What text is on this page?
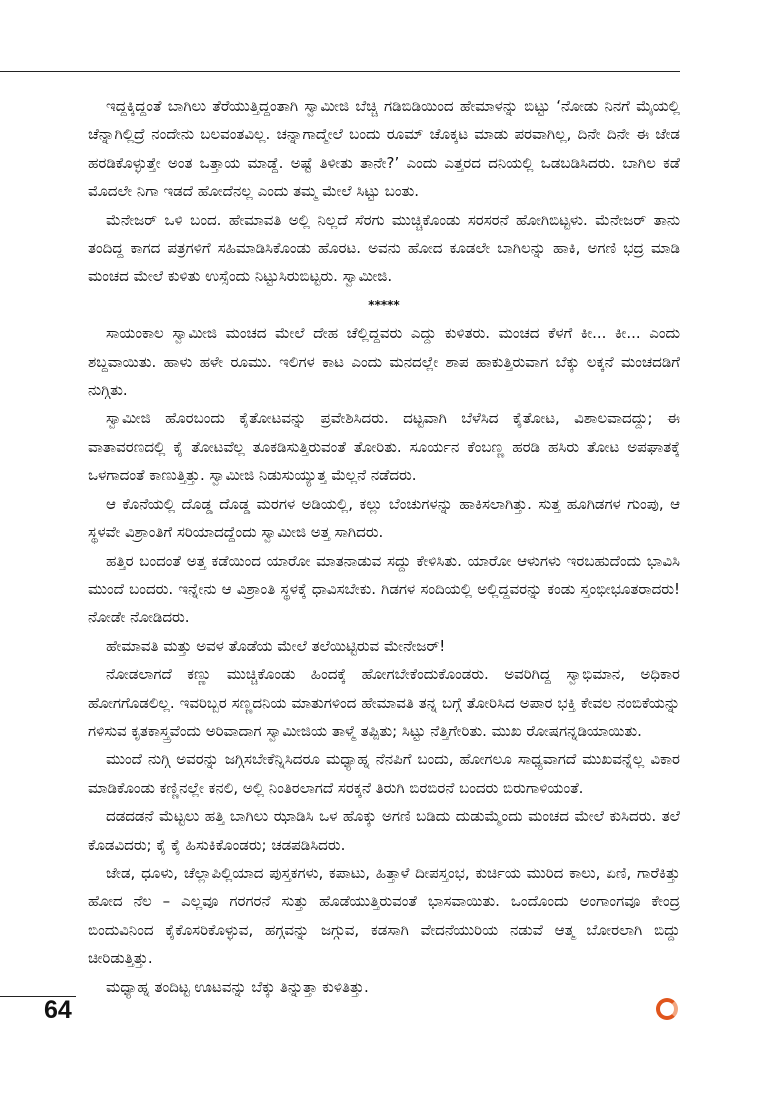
ಇದ್ದಕ್ಕಿದ್ದಂತೆ ಬಾಗಿಲು ತೆರೆಯುತ್ತಿದ್ದಂತಾಗಿ ಸ್ವಾಮೀಜಿ ಬೆಚ್ಚಿ ಗಡಿಬಿಡಿಯಿಂದ ಹೇಮಾಳನ್ನು ಬಿಟ್ಟು ‘ನೋಡು ನಿನಗೆ ಮೈಯಲ್ಲಿ ಚೆನ್ನಾಗಿಲ್ಲಿದ್ರೆ ನಂದೇನು ಬಲವಂತವಿಲ್ಲ. ಚನ್ನಾಗಾದ್ಮೇಲೆ ಬಂದು ರೂಮ್ ಚೊಕ್ಕಟ ಮಾಡು ಪರವಾಗಿಲ್ಲ, ದಿನೇ ದಿನೇ ಈ ಜೇಡ ಹರಡಿಕೊಳ್ಳುತ್ತೇ ಅಂತ ಒತ್ತಾಯ ಮಾಡ್ದೆ. ಅಷ್ಟೆ ತಿಳೀತು ತಾನೇ?’ ಎಂದು ಎತ್ತರದ ದನಿಯಲ್ಲಿ ಒಡಬಡಿಸಿದರು. ಬಾಗಿಲ ಕಡೆ ಮೊದಲೇ ನಿಗಾ ಇಡದೆ ಹೋದೆನಲ್ಲ ಎಂದು ತಮ್ಮ ಮೇಲೆ ಸಿಟ್ಟು ಬಂತು.

ಮೆನೇಜರ್ ಒಳಿ ಬಂದ. ಹೇಮಾವತಿ ಅಲ್ಲಿ ನಿಲ್ಲದೆ ಸೆರಗು ಮುಚ್ಚಿಕೊಂಡು ಸರಸರನೆ ಹೋಗಿಬಿಟ್ಟಳು. ಮೆನೇಜರ್ ತಾನು ತಂದಿದ್ದ ಕಾಗದ ಪತ್ರಗಳಿಗೆ ಸಹಿಮಾಡಿಸಿಕೊಂಡು ಹೊರಟ. ಅವನು ಹೋದ ಕೂಡಲೇ ಬಾಗಿಲನ್ನು ಹಾಕಿ, ಅಗಣಿ ಭದ್ರ ಮಾಡಿ ಮಂಚದ ಮೇಲೆ ಕುಳಿತು ಉಸ್ಸೆಂದು ನಿಟ್ಟುಸಿರುಬಿಟ್ಟರು. ಸ್ವಾಮೀಜಿ.

*****

ಸಾಯಂಕಾಲ ಸ್ವಾಮೀಜಿ ಮಂಚದ ಮೇಲೆ ದೇಹ ಚೆಲ್ಲಿದ್ದವರು ಎದ್ದು ಕುಳಿತರು. ಮಂಚದ ಕೆಳಗೆ ಕೀ... ಕೀ... ಎಂದು ಶಬ್ದವಾಯಿತು. ಹಾಳು ಹಳೇ ರೂಮು. ಇಲಿಗಳ ಕಾಟ ಎಂದು ಮನದಲ್ಲೇ ಶಾಪ ಹಾಕುತ್ತಿರುವಾಗ ಬೆಕ್ಕು ಲಕ್ಕನೆ ಮಂಚದಡಿಗೆ ನುಗ್ಗಿತು.

ಸ್ವಾಮೀಜಿ ಹೊರಬಂದು ಕೈತೋಟವನ್ನು ಪ್ರವೇಶಿಸಿದರು. ದಟ್ಟವಾಗಿ ಬೆಳೆಸಿದ ಕೈತೋಟ, ವಿಶಾಲವಾದದ್ದು; ಈ ವಾತಾವರಣದಲ್ಲಿ ಕೈ ತೋಟವೆಲ್ಲ ತೂಕಡಿಸುತ್ತಿರುವಂತೆ ತೋರಿತು. ಸೂರ್ಯನ ಕೆಂಬಣ್ಣ ಹರಡಿ ಹಸಿರು ತೋಟ ಅಪಘಾತಕ್ಕೆ ಒಳಗಾದಂತೆ ಕಾಣುತ್ತಿತ್ತು. ಸ್ವಾಮೀಜಿ ನಿಡುಸುಯ್ಯುತ್ತ ಮೆಲ್ಲನೆ ನಡೆದರು.

ಆ ಕೊನೆಯಲ್ಲಿ ದೊಡ್ಡ ದೊಡ್ಡ ಮರಗಳ ಅಡಿಯಲ್ಲಿ, ಕಲ್ಲು ಬೆಂಚುಗಳನ್ನು ಹಾಕಿಸಲಾಗಿತ್ತು. ಸುತ್ತ ಹೂಗಿಡಗಳ ಗುಂಪು, ಆ ಸ್ಥಳವೇ ವಿಶ್ರಾಂತಿಗೆ ಸರಿಯಾದದ್ದೆಂದು ಸ್ವಾಮೀಜಿ ಅತ್ತ ಸಾಗಿದರು.

ಹತ್ತಿರ ಬಂದಂತೆ ಅತ್ತ ಕಡೆಯಿಂದ ಯಾರೋ ಮಾತನಾಡುವ ಸದ್ದು ಕೇಳಿಸಿತು. ಯಾರೋ ಆಳುಗಳು ಇರಬಹುದೆಂದು ಭಾವಿಸಿ ಮುಂದೆ ಬಂದರು. ಇನ್ನೇನು ಆ ವಿಶ್ರಾಂತಿ ಸ್ಥಳಕ್ಕೆ ಧಾವಿಸಬೇಕು. ಗಿಡಗಳ ಸಂದಿಯಲ್ಲಿ ಅಲ್ಲಿದ್ದವರನ್ನು ಕಂಡು ಸ್ತಂಭೀಭೂತರಾದರು! ನೋಡೇ ನೋಡಿದರು.

ಹೇಮಾವತಿ ಮತ್ತು ಅವಳ ತೊಡೆಯ ಮೇಲೆ ತಲೆಯಿಟ್ಟಿರುವ ಮೇನೇಜರ್!

ನೋಡಲಾಗದೆ ಕಣ್ಣು ಮುಚ್ಚಿಕೊಂಡು ಹಿಂದಕ್ಕೆ ಹೋಗಬೇಕೆಂದುಕೊಂಡರು. ಅವರಿಗಿದ್ದ ಸ್ವಾಭಿಮಾನ, ಅಧಿಕಾರ ಹೋಗಗೊಡಲಿಲ್ಲ. ಇವರಿಬ್ಬರ ಸಣ್ಣದನಿಯ ಮಾತುಗಳಿಂದ ಹೇಮಾವತಿ ತನ್ನ ಬಗ್ಗೆ ತೋರಿಸಿದ ಅಪಾರ ಭಕ್ತಿ ಕೇವಲ ನಂಬಿಕೆಯನ್ನು ಗಳಿಸುವ ಕೃತಕಾಸ್ತ್ರವೆಂದು ಅರಿವಾದಾಗ ಸ್ವಾಮೀಜಿಯ ತಾಳ್ಮೆ ತಪ್ಪಿತು; ಸಿಟ್ಟು ನೆತ್ತಿಗೇರಿತು. ಮುಖ ರೋಷಗನ್ನಡಿಯಾಯಿತು.

ಮುಂದೆ ನುಗ್ಗಿ ಅವರನ್ನು ಜಗ್ಗಿಸಬೇಕೆನ್ನಿಸಿದರೂ ಮಧ್ಯಾಹ್ನ ನೆನಪಿಗೆ ಬಂದು, ಹೋಗಲೂ ಸಾಧ್ಯವಾಗದೆ ಮುಖವನ್ನೆಲ್ಲ ವಿಕಾರ ಮಾಡಿಕೊಂಡು ಕಣ್ಣಿನಲ್ಲೇ ಕನಲಿ, ಅಲ್ಲಿ ನಿಂತಿರಲಾಗದೆ ಸರಕ್ಕನೆ ತಿರುಗಿ ಬಿರಬಿರನೆ ಬಂದರು ಬಿರುಗಾಳಿಯಂತೆ.

ದಡದಡನೆ ಮೆಟ್ಟಲು ಹತ್ತಿ ಬಾಗಿಲು ಝಾಡಿಸಿ ಒಳ ಹೊಕ್ಕು ಅಗಣಿ ಬಡಿದು ದುಡುಮ್ಮೆಂದು ಮಂಚದ ಮೇಲೆ ಕುಸಿದರು. ತಲೆ ಕೊಡವಿದರು; ಕೈ ಕೈ ಹಿಸುಕಿಕೊಂಡರು; ಚಡಪಡಿಸಿದರು.

ಜೇಡ, ಧೂಳು, ಚೆಲ್ಲಾಪಿಲ್ಲಿಯಾದ ಪುಸ್ತಕಗಳು, ಕಪಾಟು, ಹಿತ್ತಾಳೆ ದೀಪಸ್ತಂಭ, ಕುರ್ಚಿಯ ಮುರಿದ ಕಾಲು, ಏಣಿ, ಗಾರೆಕಿತ್ತು ಹೋದ ನೆಲ – ಎಲ್ಲವೂ ಗರಗರನೆ ಸುತ್ತು ಹೊಡೆಯುತ್ತಿರುವಂತೆ ಭಾಸವಾಯಿತು. ಒಂದೊಂದು ಅಂಗಾಂಗವೂ ಕೇಂದ್ರ ಬಿಂದುವಿನಿಂದ ಕೈಕೊಸರಿಕೊಳ್ಳುವ, ಹಗ್ಗವನ್ನು ಜಗ್ಗುವ, ಕಡಸಾಗಿ ವೇದನೆಯುರಿಯ ನಡುವೆ ಆತ್ಮ ಬೋರಲಾಗಿ ಬಿದ್ದು ಚೀರಿಡುತ್ತಿತ್ತು.

ಮಧ್ಯಾಹ್ನ ತಂದಿಟ್ಟ ಊಟವನ್ನು ಬೆಕ್ಕು ತಿನ್ನುತ್ತಾ ಕುಳಿತಿತ್ತು.

64
